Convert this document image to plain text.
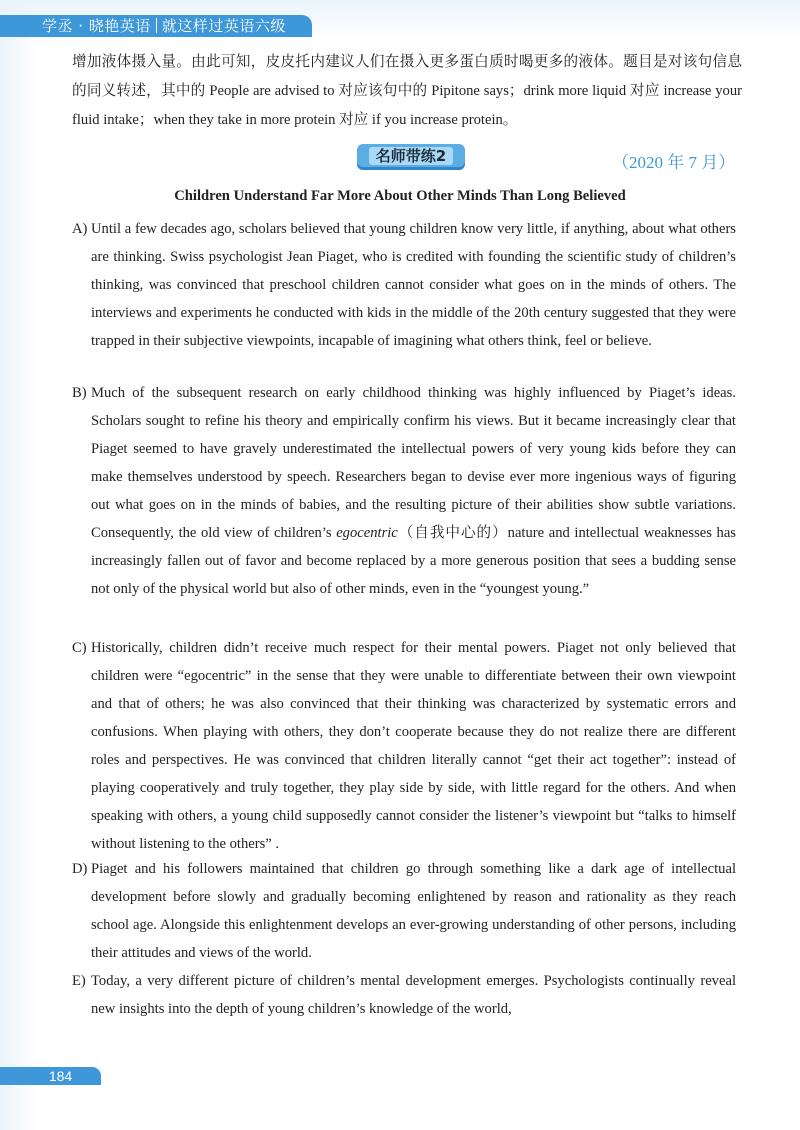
学丞 · 晓艳英语 就这样过英语六级
增加液体摄入量。由此可知，皮皮托内建议人们在摄入更多蛋白质时喝更多的液体。题目是对该句信息的同义转述，其中的 People are advised to 对应该句中的 Pipitone says；drink more liquid 对应 increase your fluid intake；when they take in more protein 对应 if you increase protein。
名师带练2	（2020 年 7 月）
Children Understand Far More About Other Minds Than Long Believed
A) Until a few decades ago, scholars believed that young children know very little, if anything, about what others are thinking. Swiss psychologist Jean Piaget, who is credited with founding the scientific study of children’s thinking, was convinced that preschool children cannot consider what goes on in the minds of others. The interviews and experiments he conducted with kids in the middle of the 20th century suggested that they were trapped in their subjective viewpoints, incapable of imagining what others think, feel or believe.
B) Much of the subsequent research on early childhood thinking was highly influenced by Piaget’s ideas. Scholars sought to refine his theory and empirically confirm his views. But it became increasingly clear that Piaget seemed to have gravely underestimated the intellectual powers of very young kids before they can make themselves understood by speech. Researchers began to devise ever more ingenious ways of figuring out what goes on in the minds of babies, and the resulting picture of their abilities show subtle variations. Consequently, the old view of children’s egocentric（自我中心的）nature and intellectual weaknesses has increasingly fallen out of favor and become replaced by a more generous position that sees a budding sense not only of the physical world but also of other minds, even in the “youngest young.”
C) Historically, children didn’t receive much respect for their mental powers. Piaget not only believed that children were “egocentric” in the sense that they were unable to differentiate between their own viewpoint and that of others; he was also convinced that their thinking was characterized by systematic errors and confusions. When playing with others, they don’t cooperate because they do not realize there are different roles and perspectives. He was convinced that children literally cannot “get their act together”: instead of playing cooperatively and truly together, they play side by side, with little regard for the others. And when speaking with others, a young child supposedly cannot consider the listener’s viewpoint but “talks to himself without listening to the others” .
D) Piaget and his followers maintained that children go through something like a dark age of intellectual development before slowly and gradually becoming enlightened by reason and rationality as they reach school age. Alongside this enlightenment develops an ever-growing understanding of other persons, including their attitudes and views of the world.
E) Today, a very different picture of children’s mental development emerges. Psychologists continually reveal new insights into the depth of young children’s knowledge of the world,
184
